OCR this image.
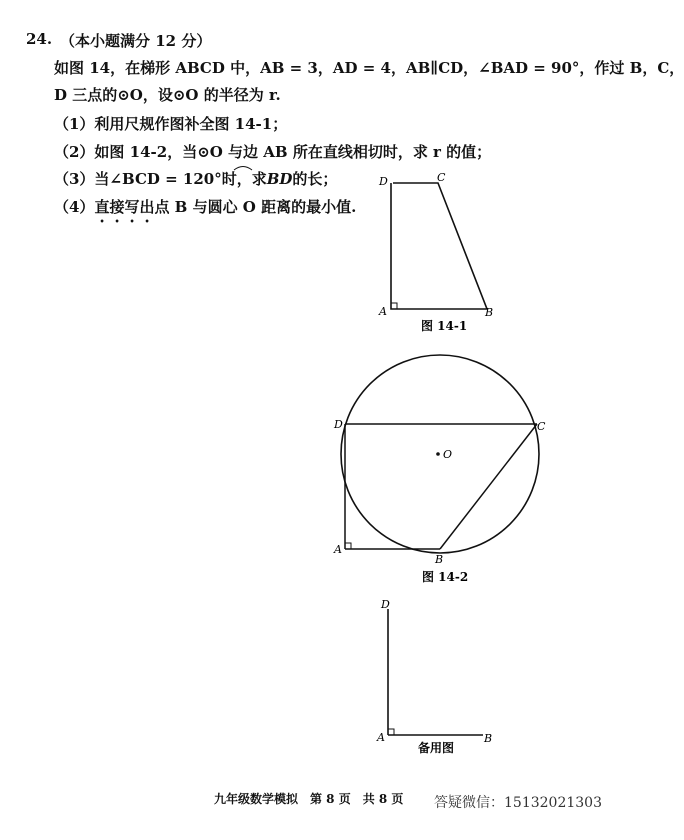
24. （本小题满分 12 分）
如图 14，在梯形 ABCD 中，AB = 3，AD = 4，AB∥CD，∠BAD = 90°，作过 B，C，
D 三点的⊙O，设⊙O 的半径为 r.
（1）利用尺规作图补全图 14-1；
（2）如图 14-2，当⊙O 与边 AB 所在直线相切时，求 r 的值；
（3）当∠BCD = 120°时，求BD的长；
（4）直接写出点 B 与圆心 O 距离的最小值.
D	C
A	B
图 14-1
O
D	C
A
B
图 14-2
D
A	B
备用图
九年级数学模拟　第 8 页　共 8 页 答疑微信：15132021303
